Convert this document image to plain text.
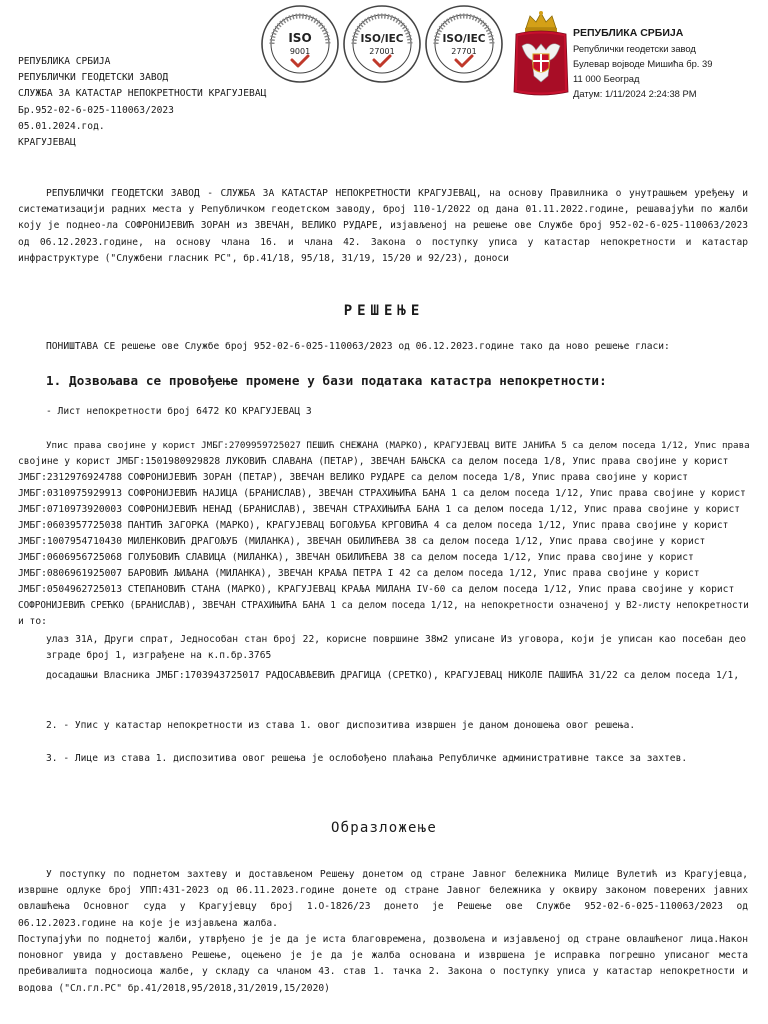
РЕПУБЛИКА СРБИЈА
РЕПУБЛИЧКИ ГЕОДЕТСКИ ЗАВОД
СЛУЖБА ЗА КАТАСТАР НЕПОКРЕТНОСТИ КРАГУЈЕВАЦ
Бр.952-02-6-025-110063/2023
05.01.2024.год.
КРАГУЈЕВАЦ
ISO
9001
ISO/IEC
27001
ISO/IEC
27701
РЕПУБЛИКА СРБИЈА
Републички геодетски завод
Булевар војводе Мишића бр. 39
11 000 Београд
Датум: 1/11/2024 2:24:38 PM
РЕПУБЛИЧКИ ГЕОДЕТСКИ ЗАВОД - СЛУЖБА ЗА КАТАСТАР НЕПОКРЕТНОСТИ КРАГУЈЕВАЦ, на основу Правилника о унутрашњем уређењу и систематизацији радних места у Републичком геодетском заводу, број 110-1/2022 од дана 01.11.2022.године, решавајући по жалби коју је поднео-ла СОФРОНИЈЕВИЋ ЗОРАН из ЗВЕЧАН, ВЕЛИКО РУДАРЕ, изјављеној на решење ове Службе број 952-02-6-025-110063/2023 од 06.12.2023.године, на основу члана 16. и члана 42. Закона о поступку уписа у катастар непокретности и катастар инфраструктуре ("Службени гласник РС", бр.41/18, 95/18, 31/19, 15/20 и 92/23), доноси
РЕШЕЊЕ
ПОНИШТАВА СЕ решење ове Службе број 952-02-6-025-110063/2023 од 06.12.2023.године тако да ново решење гласи:
1. Дозвољава се провођење промене у бази података катастра непокретности:
- Лист непокретности број 6472 КО КРАГУЈЕВАЦ 3
Упис права својине у корист ЈМБГ:2709959725027 ПЕШИЋ СНЕЖАНА (МАРКО), КРАГУЈЕВАЦ ВИТЕ ЈАНИЋА 5 са делом поседа 1/12, Упис права
својине у корист ЈМБГ:1501980929828 ЛУКОВИЋ СЛАВАНА (ПЕТАР), ЗВЕЧАН БАЊСКА са делом поседа 1/8, Упис права својине у корист
ЈМБГ:2312976924788 СОФРОНИЈЕВИЋ ЗОРАН (ПЕТАР), ЗВЕЧАН ВЕЛИКО РУДАРЕ са делом поседа 1/8, Упис права својине у корист
ЈМБГ:0310975929913 СОФРОНИЈЕВИЋ НАЈИЦА (БРАНИСЛАВ), ЗВЕЧАН СТРАХИЊИЋА БАНА 1 са делом поседа 1/12, Упис права својине у корист
ЈМБГ:0710973920003 СОФРОНИЈЕВИЋ НЕНАД (БРАНИСЛАВ), ЗВЕЧАН СТРАХИЊИЋА БАНА 1 са делом поседа 1/12, Упис права својине у корист
ЈМБГ:0603957725038 ПАНТИЋ ЗАГОРКА (МАРКО), КРАГУЈЕВАЦ БОГОЉУБА КРГОВИЋА 4 са делом поседа 1/12, Упис права својине у корист
ЈМБГ:1007954710430 МИЛЕНКОВИЋ ДРАГОЉУБ (МИЛАНКА), ЗВЕЧАН ОБИЛИЋЕВА 38 са делом поседа 1/12, Упис права својине у корист
ЈМБГ:0606956725068 ГОЛУБОВИЋ СЛАВИЦА (МИЛАНКА), ЗВЕЧАН ОБИЛИЋЕВА 38 са делом поседа 1/12, Упис права својине у корист
ЈМБГ:0806961925007 БАРОВИЋ ЉИЉАНА (МИЛАНКА), ЗВЕЧАН КРАЉА ПЕТРА I 42 са делом поседа 1/12, Упис права својине у корист
ЈМБГ:0504962725013 СТЕПАНОВИЋ СТАНА (МАРКО), КРАГУЈЕВАЦ КРАЉА МИЛАНА IV-60 са делом поседа 1/12, Упис права својине у корист
СОФРОНИЈЕВИЋ СРЕЋКО (БРАНИСЛАВ), ЗВЕЧАН СТРАХИЊИЋА БАНА 1 са делом поседа 1/12, на непокретности означеној у В2-листу непокретности
и то:
улаз 31А, Други спрат, Једнособан стан број 22, корисне површине 38м2 уписане Из уговора, који је уписан као посебан део зграде број 1, изграђене на к.п.бр.3765
досадашњи Власника ЈМБГ:1703943725017 РАДОСАВЉЕВИЋ ДРАГИЦА (СРЕТКО), КРАГУЈЕВАЦ НИКОЛЕ ПАШИЋА 31/22 са делом поседа 1/1,
2. - Упис у катастар непокретности из става 1. овог диспозитива извршен је даном доношења овог решења.
3. - Лице из става 1. диспозитива овог решења је ослобођено плаћања Републичке административне таксе за захтев.
Образложење
У поступку по поднетом захтеву и достављеном Решењу донетом од стране Јавног бележника Милице Вулетић из Крагујевца, извршне одлуке број УПП:431-2023 од 06.11.2023.године донете од стране Јавног бележника у оквиру законом поверених јавних овлашћења Основног суда у Крагујевцу број 1.О-1826/23 донето је Решење ове Службе 952-02-6-025-110063/2023 од 06.12.2023.године на које је изјављена жалба.
Поступајући по поднетој жалби, утврђено је је да је иста благовремена, дозвољена и изјављеној од стране овлашћеног лица.Након поновног увида у достављено Решење, оцењено је је да је жалба основана и извршена је исправка погрешно уписаног места пребивалишта подносиоца жалбе, у складу са чланом 43. став 1. тачка 2. Закона о поступку уписа у катастар непокретности и водова ("Сл.гл.РС" бр.41/2018,95/2018,31/2019,15/2020)
